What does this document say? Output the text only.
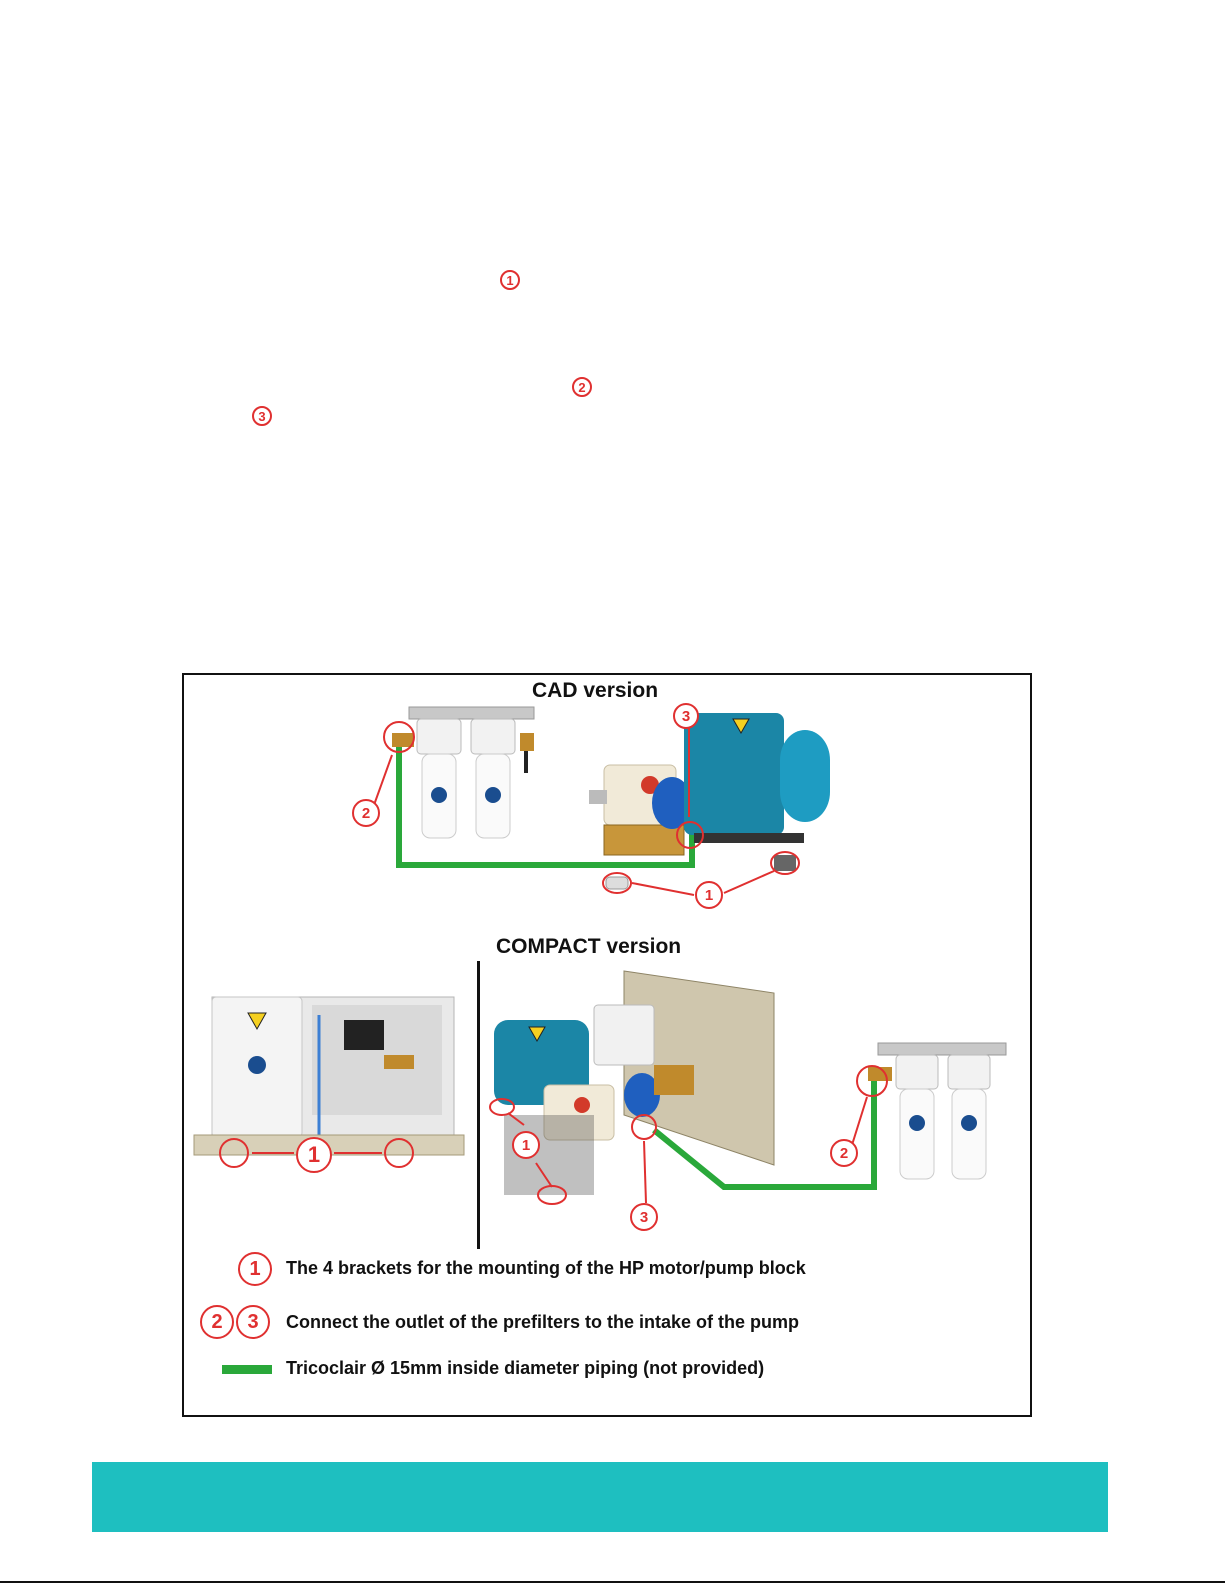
1
2
3
CAD version
COMPACT version
2
3
1
1	1
3
2
1	The 4 brackets for the mounting of the HP motor/pump block
2	3	Connect the outlet of the prefilters to the intake of the pump
Tricoclair Ø 15mm inside diameter piping (not provided)
